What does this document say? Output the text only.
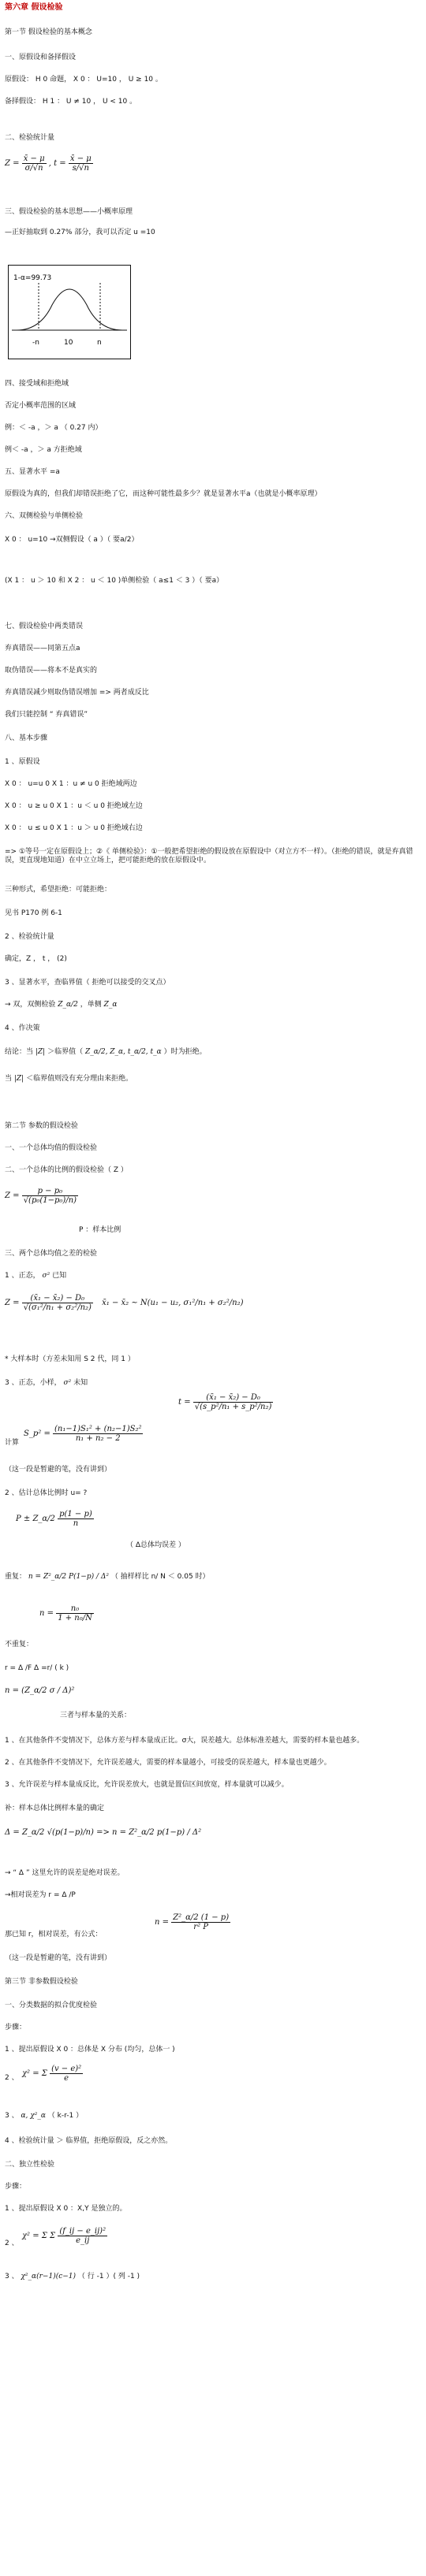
第六章 假设检验
第一节 假设检验的基本概念
一、原假设和备择假设
原假设： H 0 命题， X 0 ： U=10 ， U ≥ 10 。
备择假设： H 1 ： U ≠ 10 ， U < 10 。
二、检验统计量
$Z = \frac{x̄ - \mu}{\sigma/√n}$ , $t = \frac{x̄ - \mu}{s/√n}$
三、假设检验的基本思想——小概率原理
—正好抽取到 0.27% 部分，我可以否定 u =10
1-α=99.73
-n	10	n
四、接受域和拒绝域
否定小概率范围的区域
例：＜ -a ，＞ a （ 0.27 内）
例＜ -a ，＞ a 方拒绝域
五、显著水平 =a
原假设为真的，但我们却错误拒绝了它，而这种可能性最多少？就是显著水平a（也就是小概率原理）
六、双侧检验与单侧检验
X 0 ： u=10 →双侧假设（ a ）（ 要a/2）
(X 1 ： u ＞ 10 和 X 2 ： u ＜ 10 )单侧检验（ a≤1 ＜ 3 ）（ 要a）
七、假设检验中两类错误
弃真错误——同第五点a
取伪错误——将本不是真实的
弃真错误减少则取伪错误增加 => 两者成反比
我们只能控制 “ 弃真错误”
八、基本步骤
1 、原假设
X 0 ： u=u 0 X 1 ：u ≠ u 0 拒绝域两边
X 0 ： u ≥ u 0 X 1 ：u ＜ u 0 拒绝域左边
X 0 ： u ≤ u 0 X 1 ：u ＞ u 0 拒绝域右边
=> ①等号一定在原假设上；②《 单侧检验》：①一般把希望拒绝的假设放在原假设中（对立方不一样）。（拒绝的错误，就是弃真错误，更直现地知道）在中立立场上，把可能拒绝的放在原假设中。
三种形式，希望拒绝：可能拒绝：
见书 P170 例 6-1
2 、检验统计量
确定，Z ， t ， (2)
3 、显著水平，查临界值（ 拒绝可以接受的交叉点）
→ 双，双侧检验 Z_α/2 ，单侧 Z_α
4 、作决策
结论：当 |Z| ＞临界值（ Z_α/2, Z_α, t_α/2, t_α ）时为拒绝。
当 |Z| ＜临界值则没有充分理由来拒绝。
第二节 参数的假设检验
一、一个总体均值的假设检验
二、一个总体的比例的假设检验（ Z ）
$Z = \frac{\text{p − p₀}}{\text{√(p₀(1−p₀)/n)}}$
P ：样本比例
三、两个总体均值之差的检验
1 、正态， σ² 已知
$Z = \frac{\text{(x̄₁ − x̄₂) − D₀}}{\text{√(σ₁²/n₁ + σ₂²/n₂)}}$ x̄₁ − x̄₂ ~ N(u₁ − u₂, σ₁²/n₁ + σ₂²/n₂)
* 大样本时（方差未知用 S 2 代，同 1 ）
3 、正态，小样， σ² 未知
$t = \frac{\text{(x̄₁ − x̄₂) − D₀}}{\text{√(s\_p²/n₁ + s\_p²/n₂)}}$
S_p² = $\frac{\text{(n₁−1)S₁² + (n₂−1)S₂²}}{\text{n₁ + n₂ − 2}}$
计算
（这一段是暂避的笔，没有讲到）
2 、估计总体比例时 u= ?
P ± Z_α/2 $\frac{p(1 - p)}{n}$
（ Δ总体均误差 ）
重复： n = Z²_α/2 P(1−p) / Δ² （ 抽样样比 n/ N ＜ 0.05 时）
$n = \frac{\text{n₀}}{\text{1 + n₀/N}}$
不重复：
r = Δ /F Δ =r/ ( k )
n = (Z_α/2 σ / Δ)²
三者与样本量的关系：
1 、在其他条件不变情况下，总体方差与样本量成正比。σ大，误差越大。总体标准差越大，需要的样本量也越多。
2 、在其他条件不变情况下，允许误差越大，需要的样本量越小，可接受的误差越大，样本量也更越少。
3 、允许误差与样本量成反比，允许误差放大，也就是置信区间放宽，样本量就可以减少。
补：样本总体比例样本量的确定
Δ = Z_α/2 √(p(1−p)/n) => n = Z²_α/2 p(1−p) / Δ²
→ “ Δ ” 这里允许的误差是绝对误差。
→相对误差为 r = Δ /P
$n = \frac{\text{Z²\_α/2 (1 − p)}}{\text{r² P}}$
那已知 r，相对误差，有公式：
（这一段是暂避的笔，没有讲到）
第三节 非参数假设检验
一、分类数据的拟合优度检验
步骤：
1 、提出原假设 X 0 ：总体是 X 分布 (均匀，总体一 )
2 、 χ² = Σ $\frac{\text{(v − e)²}}{e}$
3 、 α, χ²_α （ k-r-1 ）
4 、检验统计量 ＞ 临界值，拒绝原假设，反之亦然。
二、独立性检验
步骤：
1 、提出原假设 X 0 ：X,Y 是独立的。
2 、
χ² = Σ Σ $\frac{\text{(f\_ij − e\_ij)²}}{e\_ij}$
3 、 χ²_α(r−1)(c−1) （ 行 -1 ）( 列 -1 )
